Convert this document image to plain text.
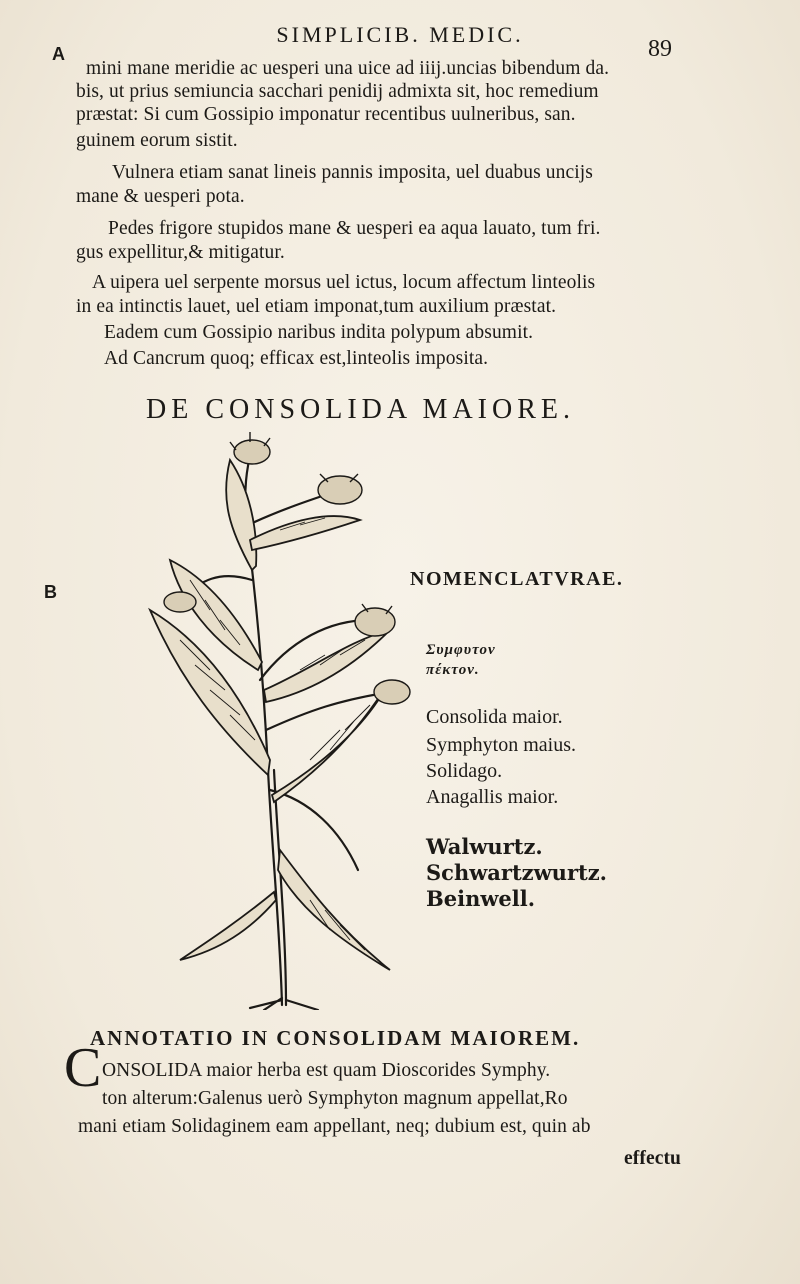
SIMPLICIB. MEDIC.
89
A
B
mini mane meridie ac uesperi una uice ad iiij.uncias bibendum da.
bis, ut prius semiuncia sacchari penidij admixta sit, hoc remedium
præstat: Si cum Gossipio imponatur recentibus uulneribus, san.
guinem eorum sistit.
Vulnera etiam sanat lineis pannis imposita, uel duabus uncijs
mane & uesperi pota.
Pedes frigore stupidos mane & uesperi ea aqua lauato, tum fri.
gus expellitur,& mitigatur.
A uipera uel serpente morsus uel ictus, locum affectum linteolis
in ea intinctis lauet, uel etiam imponat,tum auxilium præstat.
Eadem cum Gossipio naribus indita polypum absumit.
Ad Cancrum quoq; efficax est,linteolis imposita.
DE CONSOLIDA MAIORE.
NOMENCLATVRAE.
Συμφυτον
πέκτον.
Consolida maior.
Symphyton maius.
Solidago.
Anagallis maior.
Walwurtz.
Schwartzwurtz.
Beinwell.
ANNOTATIO IN CONSOLIDAM MAIOREM.
C ONSOLIDA maior herba est quam Dioscorides Symphy.
ton alterum:Galenus uerò Symphyton magnum appellat,Ro
mani etiam Solidaginem eam appellant, neq; dubium est, quin ab
effectu
